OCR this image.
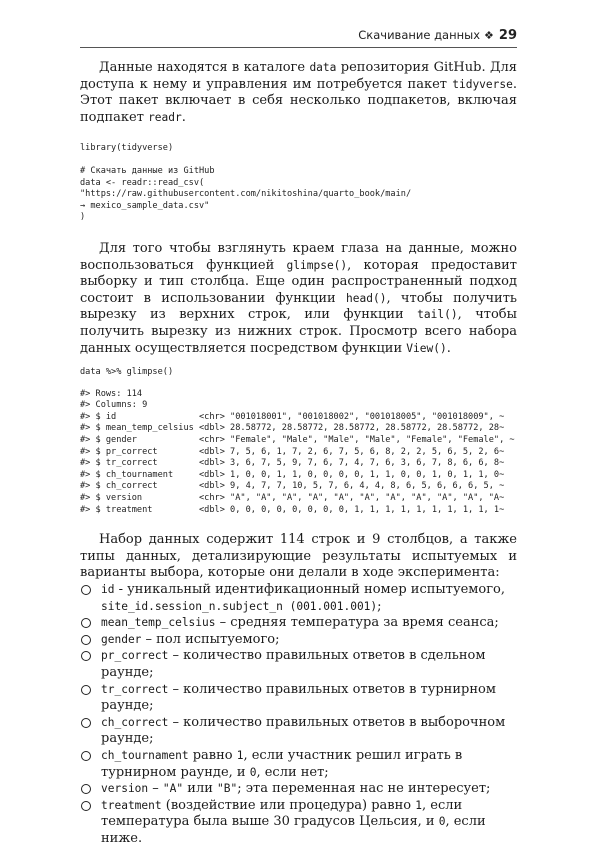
Скачивание данных ❖ 29

Данные находятся в каталоге data репозитория GitHub. Для доступа к нему и управления им потребуется пакет tidyverse. Этот пакет включает в себя несколько подпакетов, включая подпакет readr.

library(tidyverse)
# Скачать данные из GitHub
data <- readr::read_csv(
"https://raw.githubusercontent.com/nikitoshina/quarto_book/main/
→ mexico_sample_data.csv"
)

Для того чтобы взглянуть краем глаза на данные, можно воспользоваться функцией glimpse(), которая предоставит выборку и тип столбца. Еще один распространенный подход состоит в использовании функции head(), чтобы получить вырезку из верхних строк, или функции tail(), чтобы получить вырезку из нижних строк. Просмотр всего набора данных осуществляется посредством функции View().

data %>% glimpse()
#> Rows: 114
#> Columns: 9
#> $ id                <chr> "001018001", "001018002", "001018005", "001018009", ~
#> $ mean_temp_celsius <dbl> 28.58772, 28.58772, 28.58772, 28.58772, 28.58772, 28~
#> $ gender            <chr> "Female", "Male", "Male", "Male", "Female", "Female", ~
#> $ pr_correct        <dbl> 7, 5, 6, 1, 7, 2, 6, 7, 5, 6, 8, 2, 2, 5, 6, 5, 2, 6~
#> $ tr_correct        <dbl> 3, 6, 7, 5, 9, 7, 6, 7, 4, 7, 6, 3, 6, 7, 8, 6, 6, 8~
#> $ ch_tournament     <dbl> 1, 0, 0, 1, 1, 0, 0, 0, 0, 1, 1, 0, 0, 1, 0, 1, 1, 0~
#> $ ch_correct        <dbl> 9, 4, 7, 7, 10, 5, 7, 6, 4, 4, 8, 6, 5, 6, 6, 6, 5, ~
#> $ version           <chr> "A", "A", "A", "A", "A", "A", "A", "A", "A", "A", "A~
#> $ treatment         <dbl> 0, 0, 0, 0, 0, 0, 0, 0, 1, 1, 1, 1, 1, 1, 1, 1, 1, 1~

Набор данных содержит 114 строк и 9 столбцов, а также типы данных, детализирующие результаты испытуемых и варианты выбора, которые они делали в ходе эксперимента:

id - уникальный идентификационный номер испытуемого, site_id.session_n.subject_n (001.001.001);
mean_temp_celsius – средняя температура за время сеанса;
gender – пол испытуемого;
pr_correct – количество правильных ответов в сдельном раунде;
tr_correct – количество правильных ответов в турнирном раунде;
ch_correct – количество правильных ответов в выборочном раунде;
ch_tournament равно 1, если участник решил играть в турнирном раунде, и 0, если нет;
version – "A" или "B"; эта переменная нас не интересует;
treatment (воздействие или процедура) равно 1, если температура была выше 30 градусов Цельсия, и 0, если ниже.
